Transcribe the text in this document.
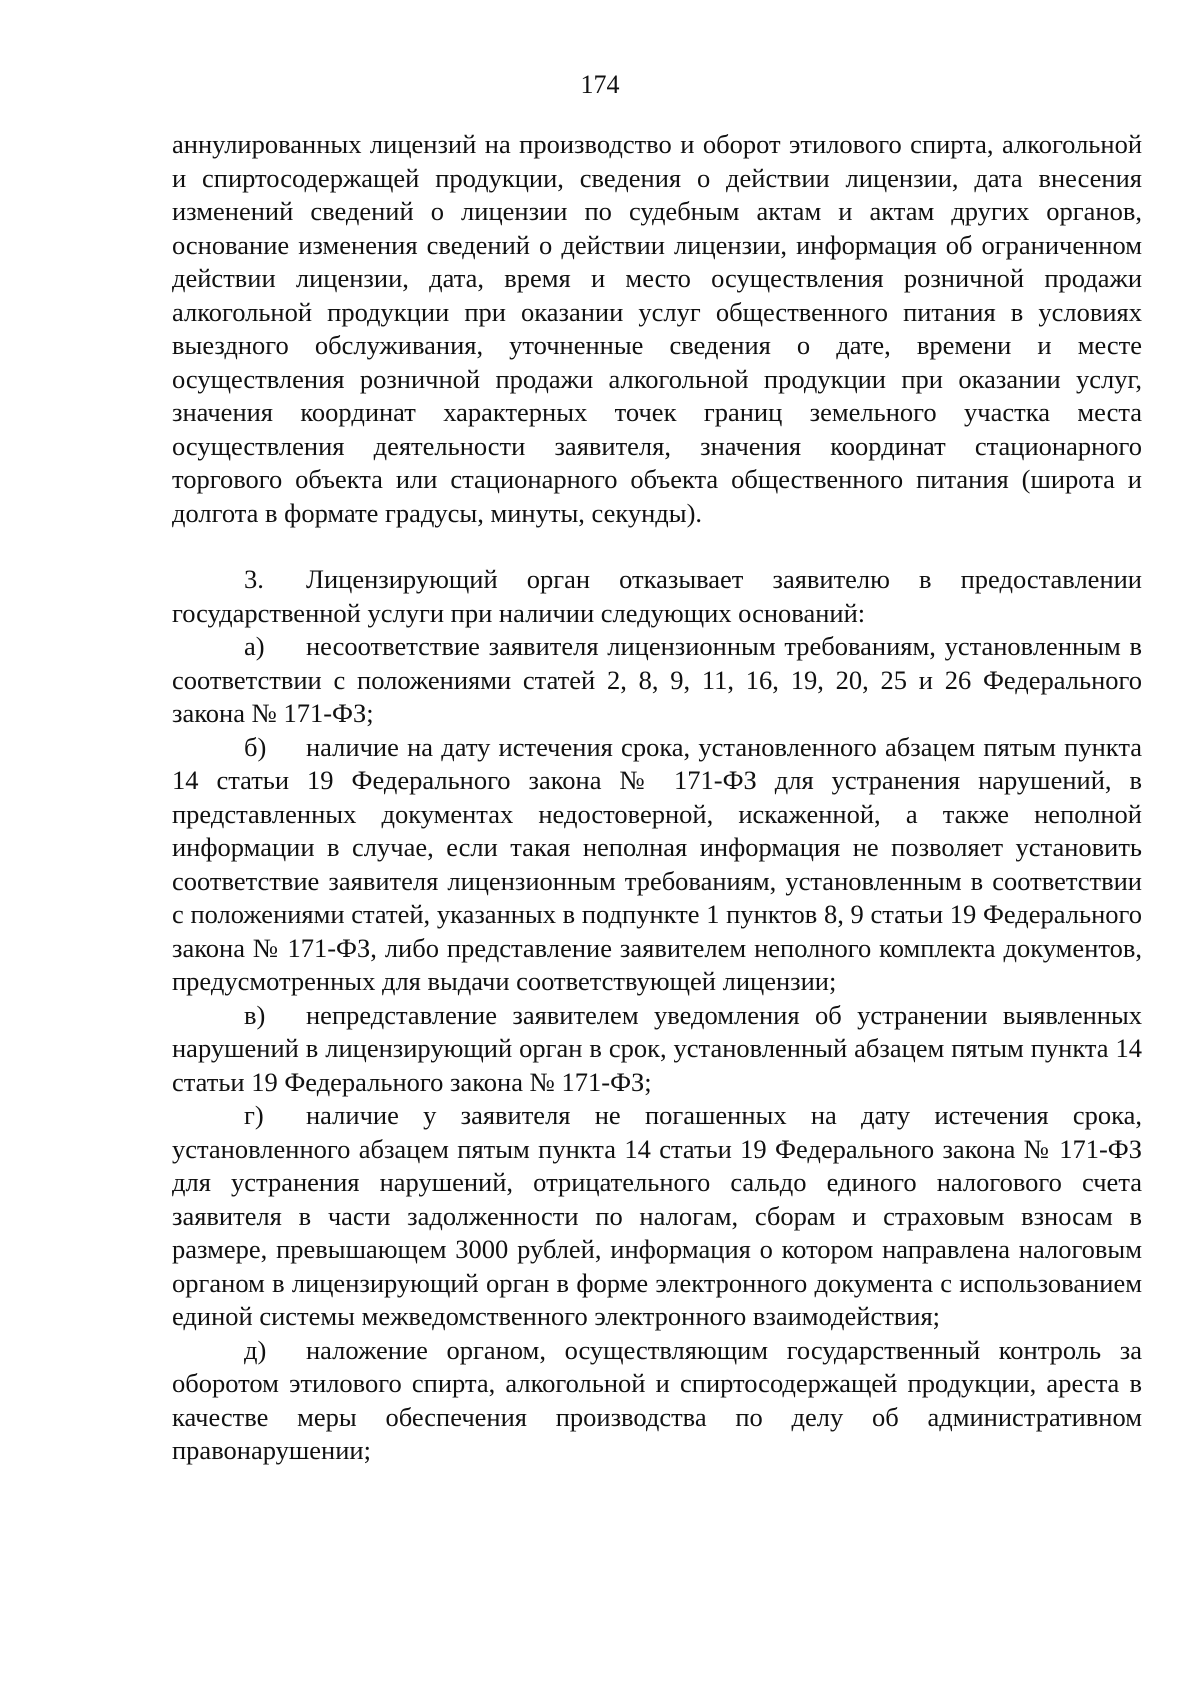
174

аннулированных лицензий на производство и оборот этилового спирта, алкогольной и спиртосодержащей продукции, сведения о действии лицензии, дата внесения изменений сведений о лицензии по судебным актам и актам других органов, основание изменения сведений о действии лицензии, информация об ограниченном действии лицензии, дата, время и место осуществления розничной продажи алкогольной продукции при оказании услуг общественного питания в условиях выездного обслуживания, уточненные сведения о дате, времени и месте осуществления розничной продажи алкогольной продукции при оказании услуг, значения координат характерных точек границ земельного участка места осуществления деятельности заявителя, значения координат стационарного торгового объекта или стационарного объекта общественного питания (широта и долгота в формате градусы, минуты, секунды).

3. Лицензирующий орган отказывает заявителю в предоставлении государственной услуги при наличии следующих оснований:

а) несоответствие заявителя лицензионным требованиям, установленным в соответствии с положениями статей 2, 8, 9, 11, 16, 19, 20, 25 и 26 Федерального закона № 171-ФЗ;

б) наличие на дату истечения срока, установленного абзацем пятым пункта 14 статьи 19 Федерального закона № 171-ФЗ для устранения нарушений, в представленных документах недостоверной, искаженной, а также неполной информации в случае, если такая неполная информация не позволяет установить соответствие заявителя лицензионным требованиям, установленным в соответствии с положениями статей, указанных в подпункте 1 пунктов 8, 9 статьи 19 Федерального закона № 171-ФЗ, либо представление заявителем неполного комплекта документов, предусмотренных для выдачи соответствующей лицензии;

в) непредставление заявителем уведомления об устранении выявленных нарушений в лицензирующий орган в срок, установленный абзацем пятым пункта 14 статьи 19 Федерального закона № 171-ФЗ;

г) наличие у заявителя не погашенных на дату истечения срока, установленного абзацем пятым пункта 14 статьи 19 Федерального закона № 171-ФЗ для устранения нарушений, отрицательного сальдо единого налогового счета заявителя в части задолженности по налогам, сборам и страховым взносам в размере, превышающем 3000 рублей, информация о котором направлена налоговым органом в лицензирующий орган в форме электронного документа с использованием единой системы межведомственного электронного взаимодействия;

д) наложение органом, осуществляющим государственный контроль за оборотом этилового спирта, алкогольной и спиртосодержащей продукции, ареста в качестве меры обеспечения производства по делу об административном правонарушении;
